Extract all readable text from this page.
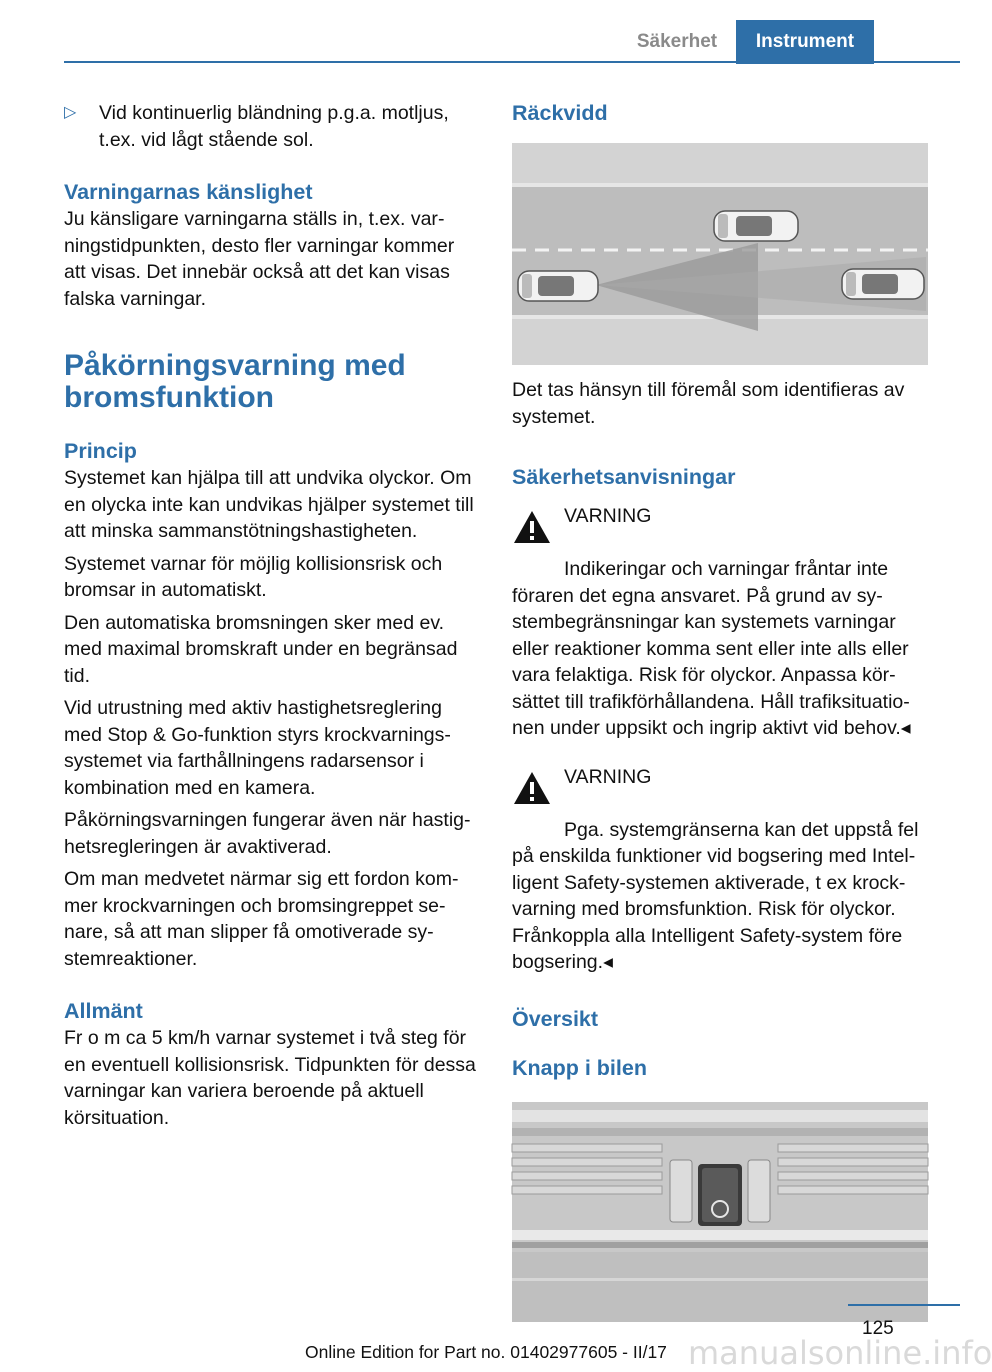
Säkerhet	Instrument
▷	Vid kontinuerlig bländning p.g.a. motljus, t.ex. vid lågt stående sol.

Varningarnas känslighet

Ju känsligare varningarna ställs in, t.ex. varningstidpunkten, desto fler varningar kommer att visas. Det innebär också att det kan visas falska varningar.

Påkörningsvarning med bromsfunktion
Princip

Systemet kan hjälpa till att undvika olyckor. Om en olycka inte kan undvikas hjälper systemet till att minska sammanstötningshastigheten.

Systemet varnar för möjlig kollisionsrisk och bromsar in automatiskt.

Den automatiska bromsningen sker med ev. med maximal bromskraft under en begränsad tid.

Vid utrustning med aktiv hastighetsreglering med Stop & Go-funktion styrs krockvarningssystemet via farthållningens radarsensor i kombination med en kamera.

Påkörningsvarningen fungerar även när hastighetsregleringen är avaktiverad.

Om man medvetet närmar sig ett fordon kommer krockvarningen och bromsingreppet senare, så att man slipper få omotiverade systemreaktioner.

Allmänt

Fr o m ca 5 km/h varnar systemet i två steg för en eventuell kollisionsrisk. Tidpunkten för dessa varningar kan variera beroende på aktuell körsituation.

Räckvidd

Det tas hänsyn till föremål som identifieras av systemet.

Säkerhetsanvisningar

VARNING

Indikeringar och varningar fråntar inte föraren det egna ansvaret. På grund av systembegränsningar kan systemets varningar eller reaktioner komma sent eller inte alls eller vara felaktiga. Risk för olyckor. Anpassa körsättet till trafikförhållandena. Håll trafiksituationen under uppsikt och ingrip aktivt vid behov.◂

VARNING

Pga. systemgränserna kan det uppstå fel på enskilda funktioner vid bogsering med Intelligent Safety-systemen aktiverade, t ex krockvarning med bromsfunktion. Risk för olyckor. Frånkoppla alla Intelligent Safety-system före bogsering.◂

Översikt
Knapp i bilen
125
manualsonline.info
Online Edition for Part no. 01402977605 - II/17
